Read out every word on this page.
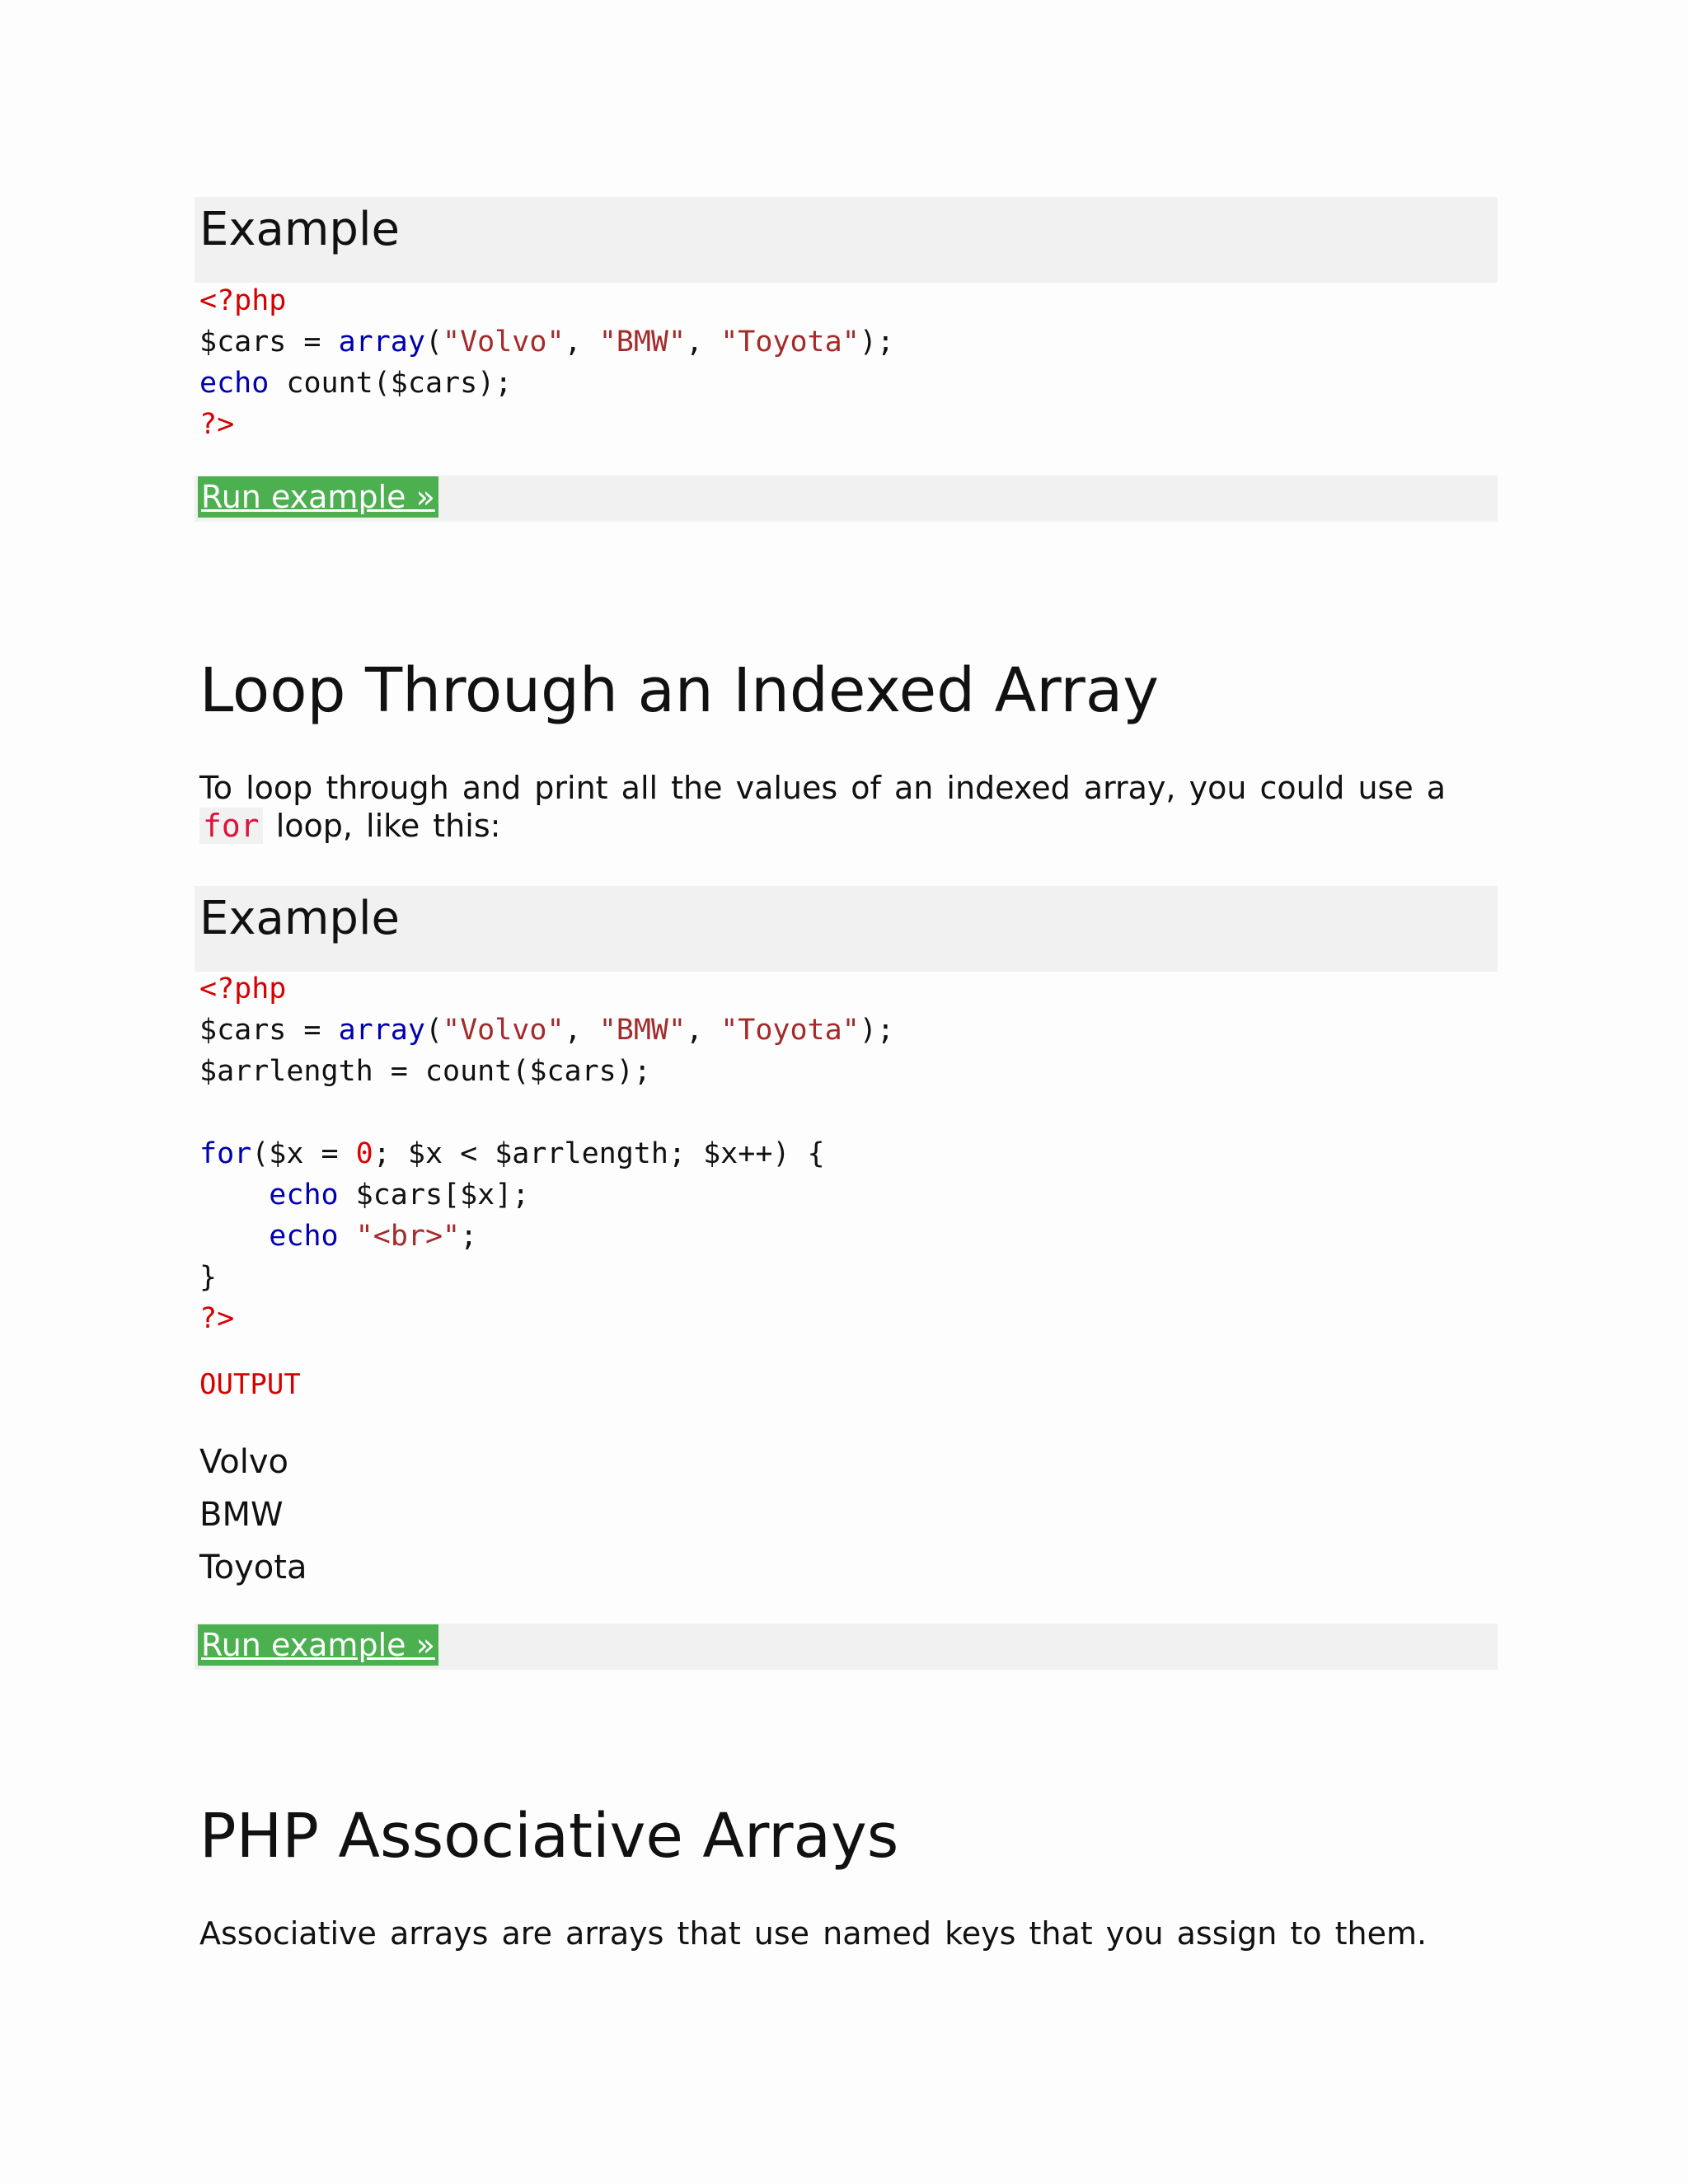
Example
<?php
$cars = array("Volvo", "BMW", "Toyota");
echo count($cars);
?>
Run example »
Loop Through an Indexed Array

To loop through and print all the values of an indexed array, you could use a for loop, like this:

Example
<?php
$cars = array("Volvo", "BMW", "Toyota");
$arrlength = count($cars);
for($x = 0; $x < $arrlength; $x++) {
echo $cars[$x];
echo "<br>";
}
?>

OUTPUT

Volvo
BMW
Toyota
Run example »
PHP Associative Arrays

Associative arrays are arrays that use named keys that you assign to them.
